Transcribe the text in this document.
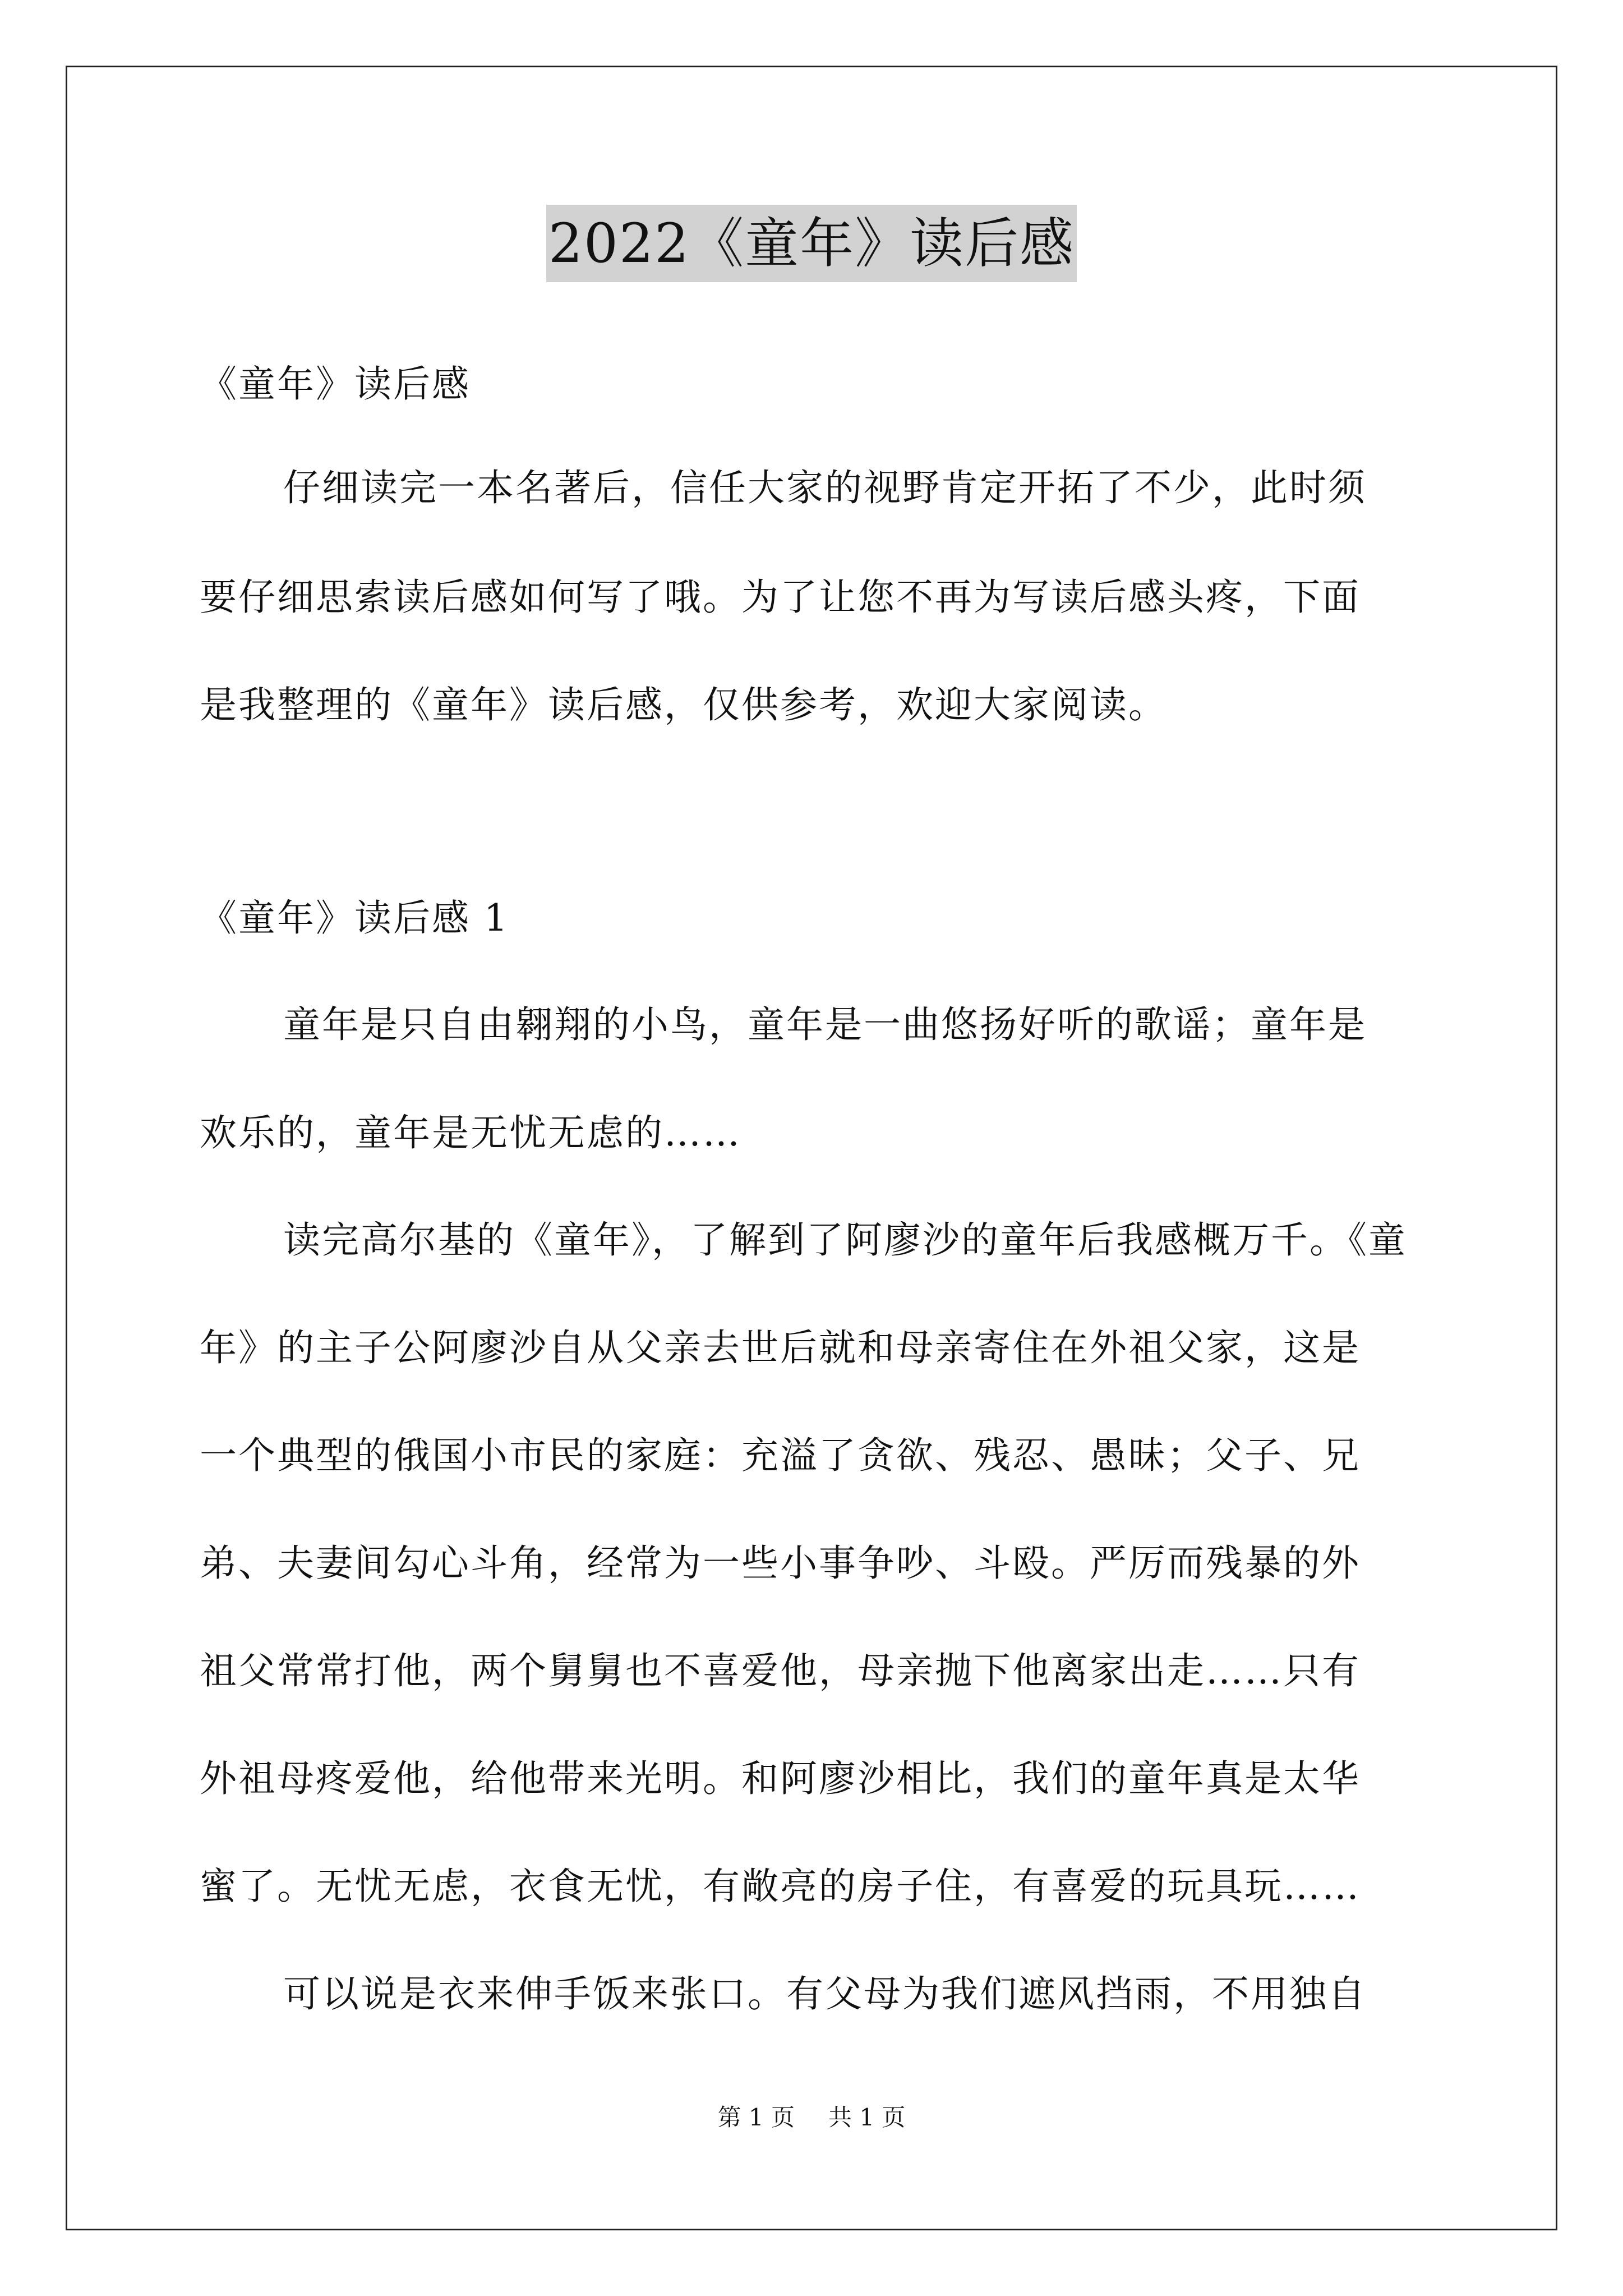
2022《童年》读后感
《童年》读后感
仔细读完一本名著后，信任大家的视野肯定开拓了不少，此时须
要仔细思索读后感如何写了哦。为了让您不再为写读后感头疼，下面
是我整理的《童年》读后感，仅供参考，欢迎大家阅读。
《童年》读后感 1
童年是只自由翱翔的小鸟，童年是一曲悠扬好听的歌谣；童年是
欢乐的，童年是无忧无虑的……
读完高尔基的《童年》，了解到了阿廖沙的童年后我感概万千。《童
年》的主子公阿廖沙自从父亲去世后就和母亲寄住在外祖父家，这是
一个典型的俄国小市民的家庭：充溢了贪欲、残忍、愚昧；父子、兄
弟、夫妻间勾心斗角，经常为一些小事争吵、斗殴。严厉而残暴的外
祖父常常打他，两个舅舅也不喜爱他，母亲抛下他离家出走……只有
外祖母疼爱他，给他带来光明。和阿廖沙相比，我们的童年真是太华
蜜了。无忧无虑，衣食无忧，有敞亮的房子住，有喜爱的玩具玩……
可以说是衣来伸手饭来张口。有父母为我们遮风挡雨，不用独自
第 1 页 共 1 页
